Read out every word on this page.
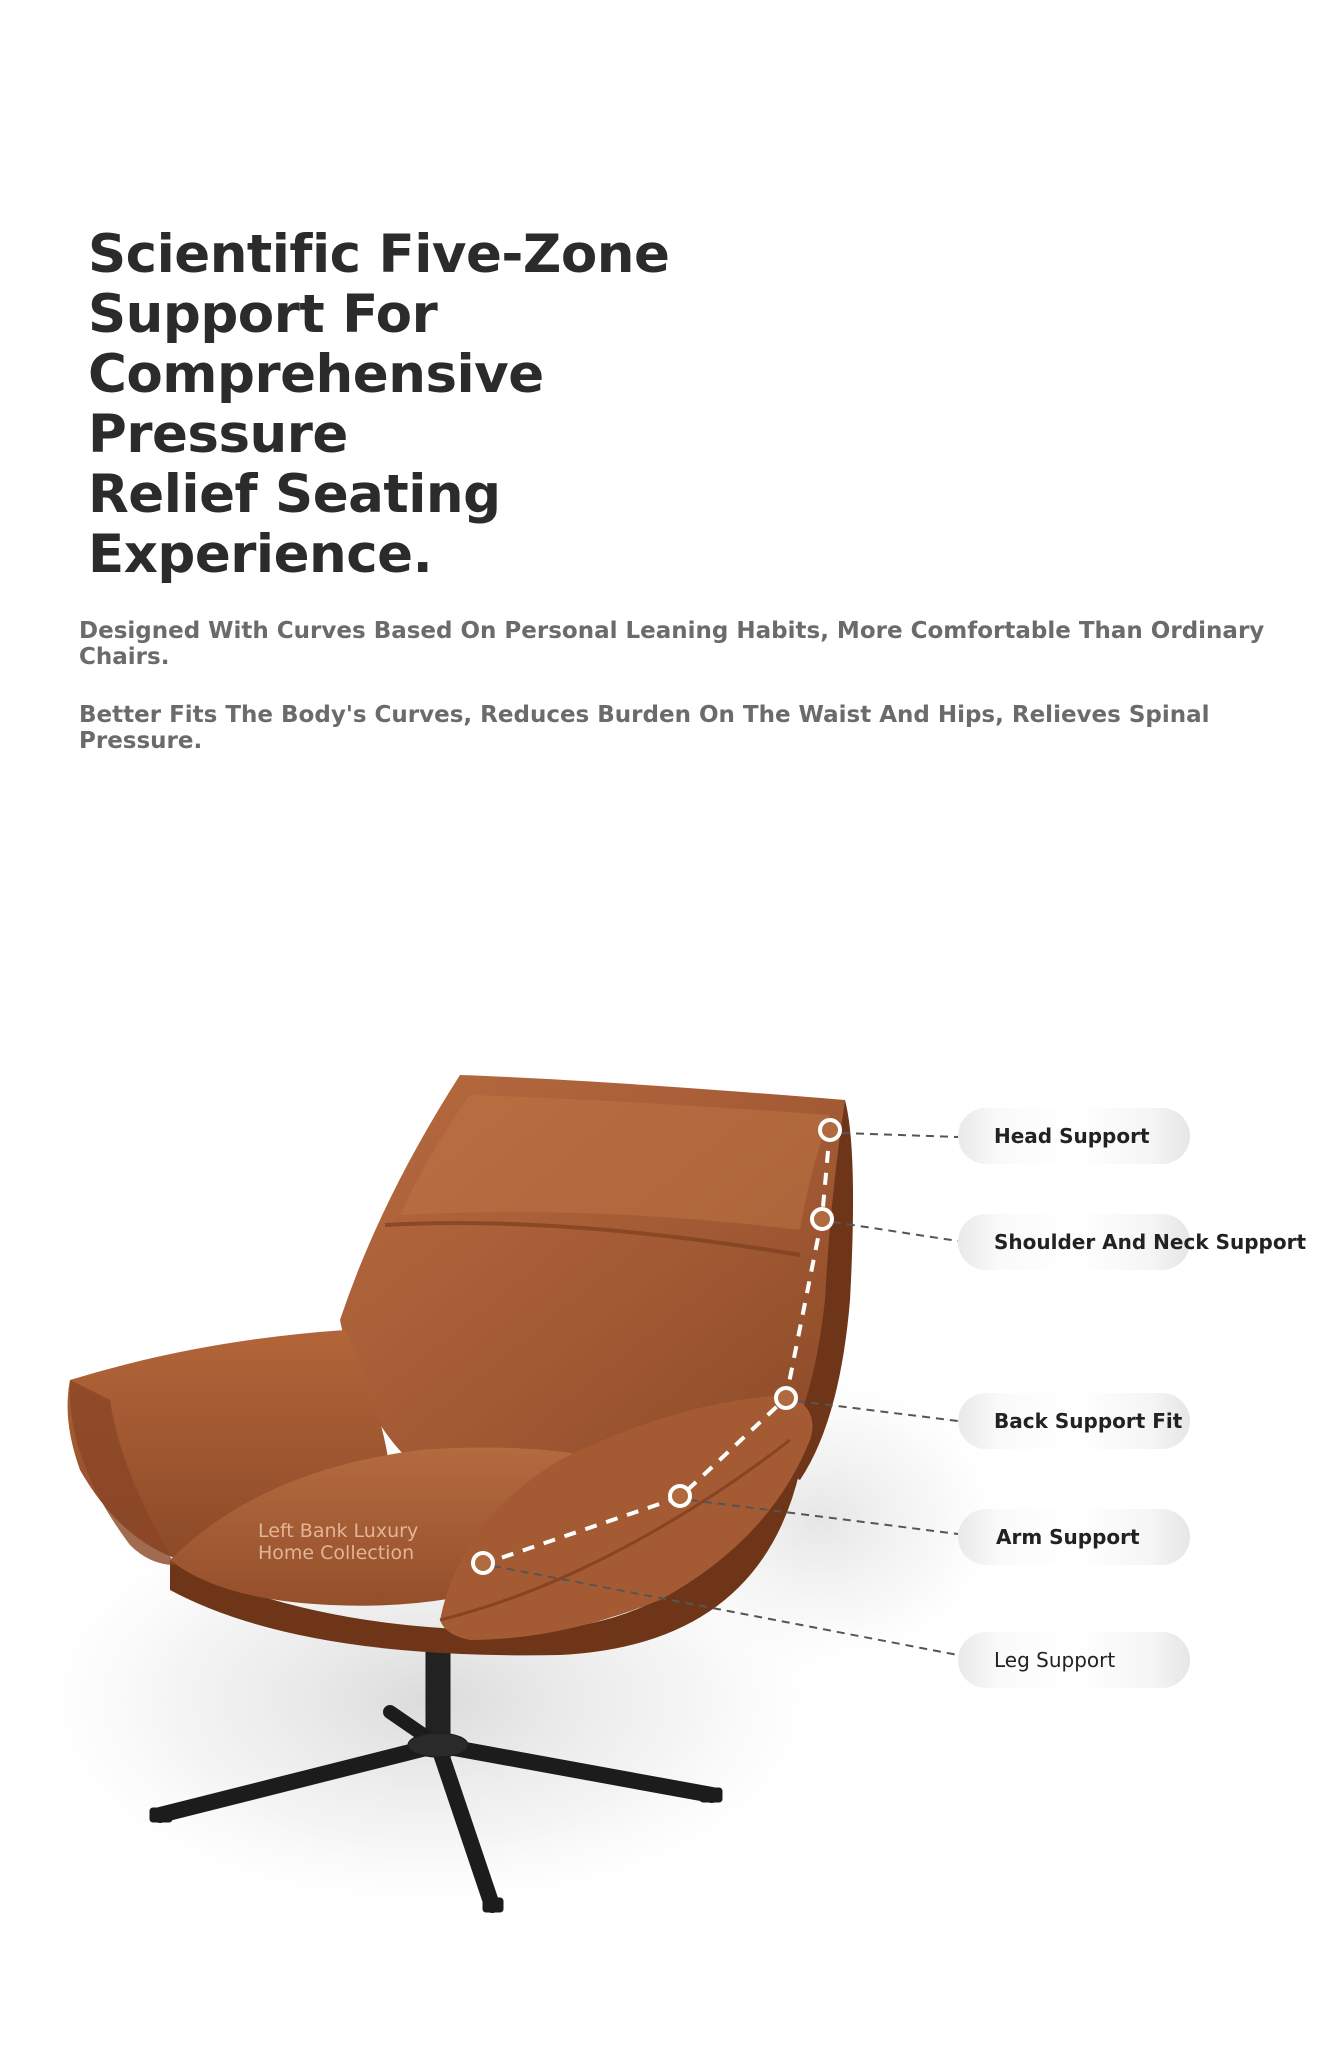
Scientific Five-Zone
Support For
Comprehensive Pressure
Relief Seating
Experience.

Designed With Curves Based On Personal Leaning Habits, More Comfortable Than Ordinary Chairs.

Better Fits The Body's Curves, Reduces Burden On The Waist And Hips, Relieves Spinal Pressure.

Left Bank Luxury
Home Collection
Head Support
Shoulder And Neck Support
Back Support Fit
Arm Support
Leg Support
